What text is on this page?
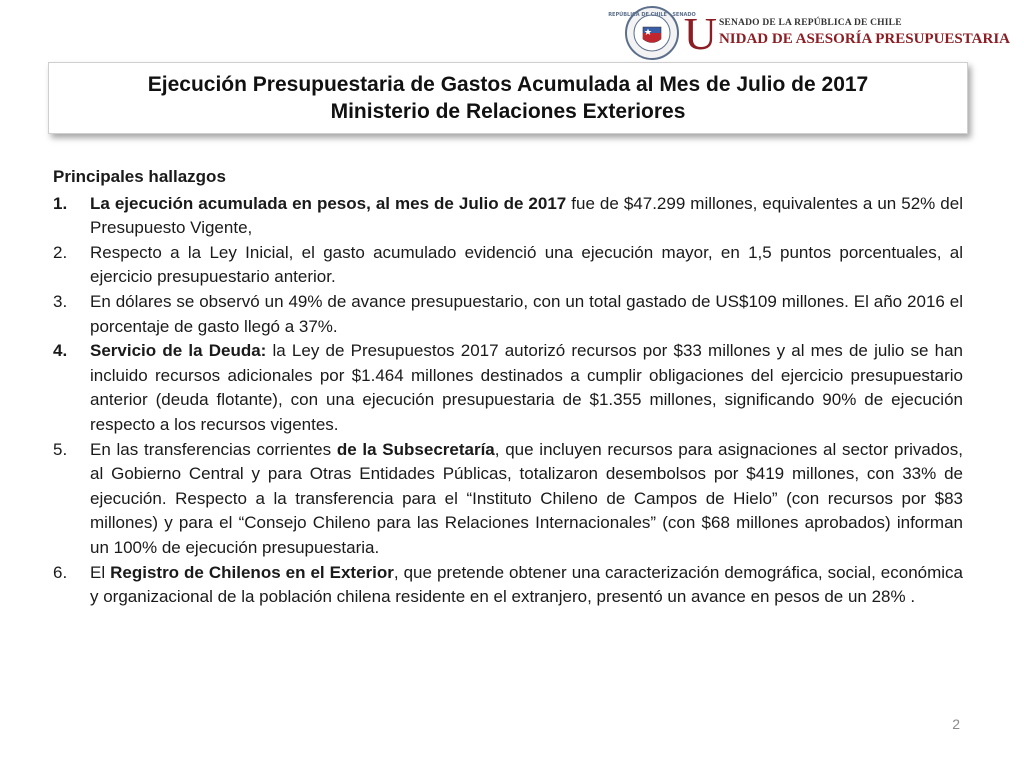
REPÚBLICA DE CHILE · SENADO
U SENADO DE LA REPÚBLICA DE CHILE
NIDAD DE ASESORÍA PRESUPUESTARIA
Ejecución Presupuestaria de Gastos Acumulada al Mes de Julio de 2017
Ministerio de Relaciones Exteriores
Principales hallazgos
1.	La ejecución acumulada en pesos, al mes de Julio de 2017 fue de $47.299 millones, equivalentes a un 52% del Presupuesto Vigente,
2.	Respecto a la Ley Inicial, el gasto acumulado evidenció una ejecución mayor, en 1,5 puntos porcentuales, al ejercicio presupuestario anterior.
3.	En dólares se observó un 49% de avance presupuestario, con un total gastado de US$109 millones. El año 2016 el porcentaje de gasto llegó a 37%.
4.	Servicio de la Deuda: la Ley de Presupuestos 2017 autorizó recursos por $33 millones y al mes de julio se han incluido recursos adicionales por $1.464 millones destinados a cumplir obligaciones del ejercicio presupuestario anterior (deuda flotante), con una ejecución presupuestaria de $1.355 millones, significando 90% de ejecución respecto a los recursos vigentes.
5.	En las transferencias corrientes de la Subsecretaría, que incluyen recursos para asignaciones al sector privados, al Gobierno Central y para Otras Entidades Públicas, totalizaron desembolsos por $419 millones, con 33% de ejecución. Respecto a la transferencia para el “Instituto Chileno de Campos de Hielo” (con recursos por $83 millones) y para el “Consejo Chileno para las Relaciones Internacionales” (con $68 millones aprobados) informan un 100% de ejecución presupuestaria.
6.	El Registro de Chilenos en el Exterior, que pretende obtener una caracterización demográfica, social, económica y organizacional de la población chilena residente en el extranjero, presentó un avance en pesos de un 28% .
2
